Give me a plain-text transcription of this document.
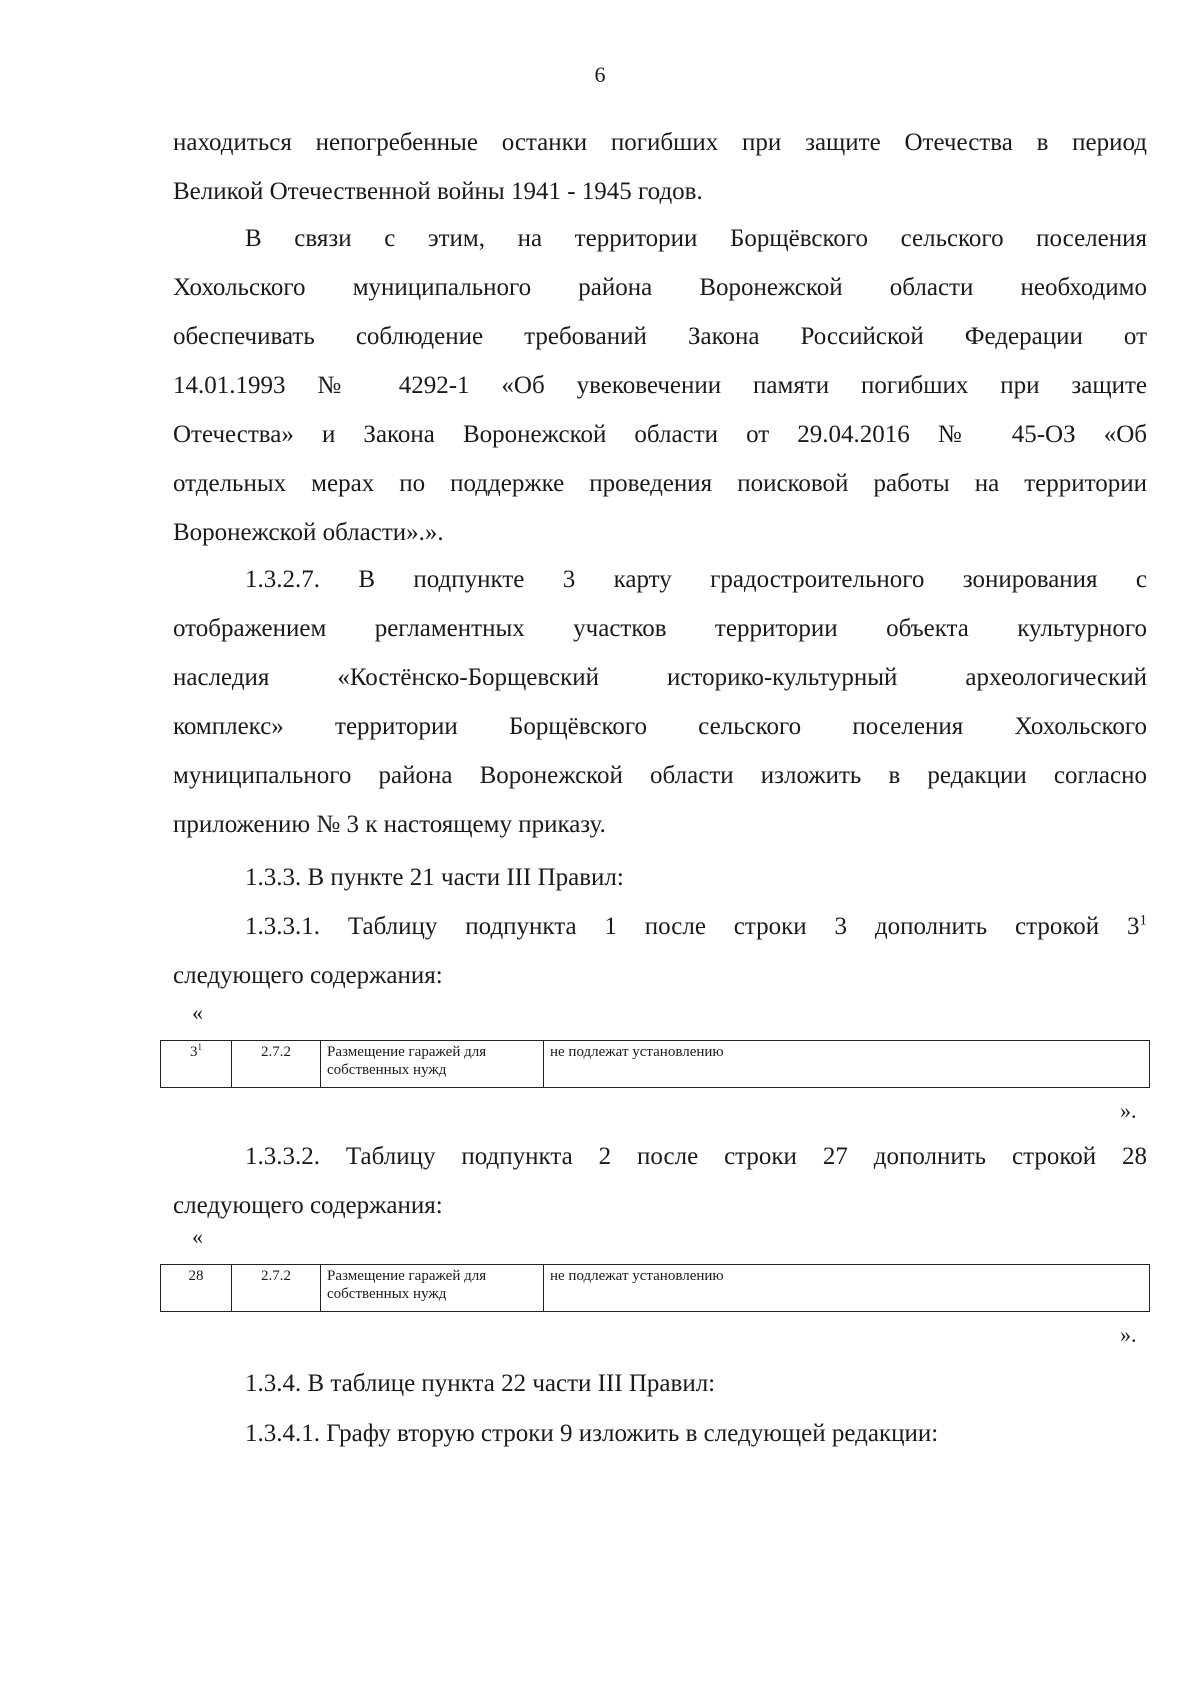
6

находиться непогребенные останки погибших при защите Отечества в период
Великой Отечественной войны 1941 - 1945 годов.

В связи с этим, на территории Борщёвского сельского поселения
Хохольского муниципального района Воронежской области необходимо
обеспечивать соблюдение требований Закона Российской Федерации от
14.01.1993 № 4292-1 «Об увековечении памяти погибших при защите
Отечества» и Закона Воронежской области от 29.04.2016 № 45-ОЗ «Об
отдельных мерах по поддержке проведения поисковой работы на территории
Воронежской области».».

1.3.2.7. В подпункте 3 карту градостроительного зонирования с
отображением регламентных участков территории объекта культурного
наследия «Костёнско-Борщевский историко-культурный археологический
комплекс» территории Борщёвского сельского поселения Хохольского
муниципального района Воронежской области изложить в редакции согласно
приложению № 3 к настоящему приказу.

1.3.3. В пункте 21 части III Правил:
1.3.3.1. Таблицу подпункта 1 после строки 3 дополнить строкой $3^1$
следующего содержания:
«
$3^1$	2.7.2	Размещение гаражей для собственных нужд	не подлежат установлению
».
1.3.3.2. Таблицу подпункта 2 после строки 27 дополнить строкой 28
следующего содержания:
«
28	2.7.2	Размещение гаражей для собственных нужд	не подлежат установлению
».
1.3.4. В таблице пункта 22 части III Правил:
1.3.4.1. Графу вторую строки 9 изложить в следующей редакции:
